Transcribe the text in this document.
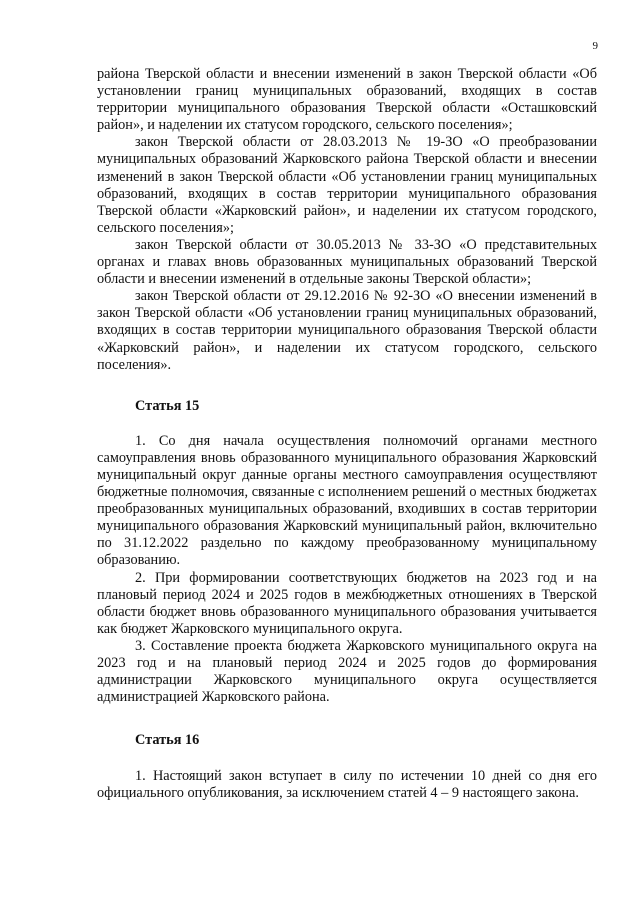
9

района Тверской области и внесении изменений в закон Тверской области «Об установлении границ муниципальных образований, входящих в состав территории муниципального образования Тверской области «Осташковский район», и наделении их статусом городского, сельского поселения»;

закон Тверской области от 28.03.2013 № 19-ЗО «О преобразовании муниципальных образований Жарковского района Тверской области и внесении изменений в закон Тверской области «Об установлении границ муниципальных образований, входящих в состав территории муниципального образования Тверской области «Жарковский район», и наделении их статусом городского, сельского поселения»;

закон Тверской области от 30.05.2013 № 33-ЗО «О представительных органах и главах вновь образованных муниципальных образований Тверской области и внесении изменений в отдельные законы Тверской области»;

закон Тверской области от 29.12.2016 № 92-ЗО «О внесении изменений в закон Тверской области «Об установлении границ муниципальных образований, входящих в состав территории муниципального образования Тверской области «Жарковский район», и наделении их статусом городского, сельского поселения».

Статья 15

1. Со дня начала осуществления полномочий органами местного самоуправления вновь образованного муниципального образования Жарковский муниципальный округ данные органы местного самоуправления осуществляют бюджетные полномочия, связанные с исполнением решений о местных бюджетах преобразованных муниципальных образований, входивших в состав территории муниципального образования Жарковский муниципальный район, включительно по 31.12.2022 раздельно по каждому преобразованному муниципальному образованию.

2. При формировании соответствующих бюджетов на 2023 год и на плановый период 2024 и 2025 годов в межбюджетных отношениях в Тверской области бюджет вновь образованного муниципального образования учитывается как бюджет Жарковского муниципального округа.

3. Составление проекта бюджета Жарковского муниципального округа на 2023 год и на плановый период 2024 и 2025 годов до формирования администрации Жарковского муниципального округа осуществляется администрацией Жарковского района.

Статья 16

1. Настоящий закон вступает в силу по истечении 10 дней со дня его официального опубликования, за исключением статей 4 – 9 настоящего закона.
